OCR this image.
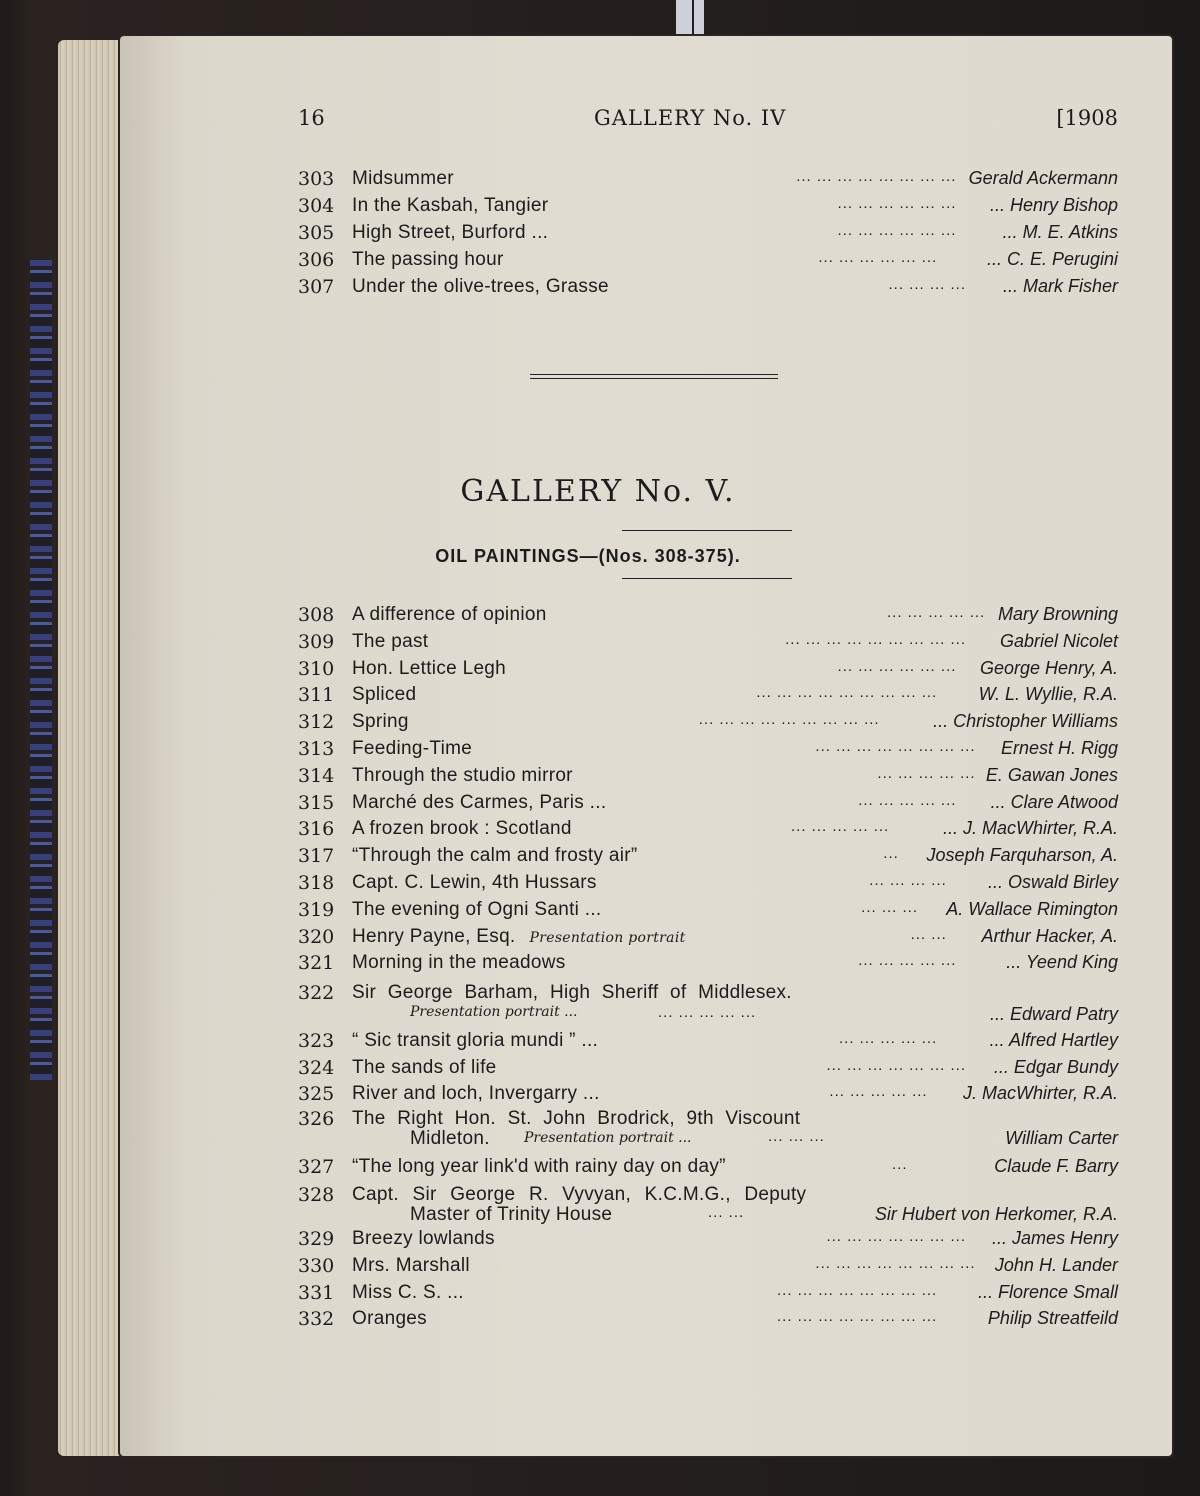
16	GALLERY No. IV	[1908
303 Midsummer	... ... ... ... ... ... ... ... Gerald Ackermann
304 In the Kasbah, Tangier	... ... ... ... ... ... ... Henry Bishop
305 High Street, Burford ...	... ... ... ... ... ...	... M. E. Atkins
306 The passing hour	... ... ... ... ... ...	... C. E. Perugini
307 Under the olive-trees, Grasse	... ... ... ... ... Mark Fisher
GALLERY No. V.
OIL PAINTINGS—(Nos. 308-375).
308 A difference of opinion	... ... ... ... ... Mary Browning
309 The past	... ... ... ... ... ... ... ... ... Gabriel Nicolet
310 Hon. Lettice Legh	... ... ... ... ... ... George Henry, A.
311 Spliced	... ... ... ... ... ... ... ... ... W. L. Wyllie, R.A.
312 Spring	... ... ... ... ... ... ... ... ...	... Christopher Williams
313 Feeding-Time	... ... ... ... ... ... ... ... Ernest H. Rigg
314 Through the studio mirror	... ... ... ... ... E. Gawan Jones
315 Marché des Carmes, Paris ...	... ... ... ... ... ... Clare Atwood
316 A frozen brook : Scotland	... ... ... ... ...	... J. MacWhirter, R.A.
317 “Through the calm and frosty air”	... Joseph Farquharson, A.
318 Capt. C. Lewin, 4th Hussars	... ... ... ... ... Oswald Birley
319 The evening of Ogni Santi ...	... ... ... A. Wallace Rimington
320 Henry Payne, Esq. Presentation portrait	... ... Arthur Hacker, A.
321 Morning in the meadows	... ... ... ... ...	... Yeend King
322 Sir George Barham, High Sheriff of Middlesex.
Presentation portrait ...	... ... ... ... ...	... Edward Patry
323 “ Sic transit gloria mundi ” ...	... ... ... ... ...	... Alfred Hartley
324 The sands of life	... ... ... ... ... ... ... ... Edgar Bundy
325 River and loch, Invergarry ...	... ... ... ... ... J. MacWhirter, R.A.
326 The Right Hon. St. John Brodrick, 9th Viscount
Midleton. Presentation portrait ...	... ... ...	William Carter
327 “The long year link'd with rainy day on day”	...	Claude F. Barry
328 Capt. Sir George R. Vyvyan, K.C.M.G., Deputy
Master of Trinity House	... ...	Sir Hubert von Herkomer, R.A.
329 Breezy lowlands	... ... ... ... ... ... ... ... James Henry
330 Mrs. Marshall	... ... ... ... ... ... ... ... John H. Lander
331 Miss C. S. ...	... ... ... ... ... ... ... ... ... Florence Small
332 Oranges	... ... ... ... ... ... ... ...	Philip Streatfeild
